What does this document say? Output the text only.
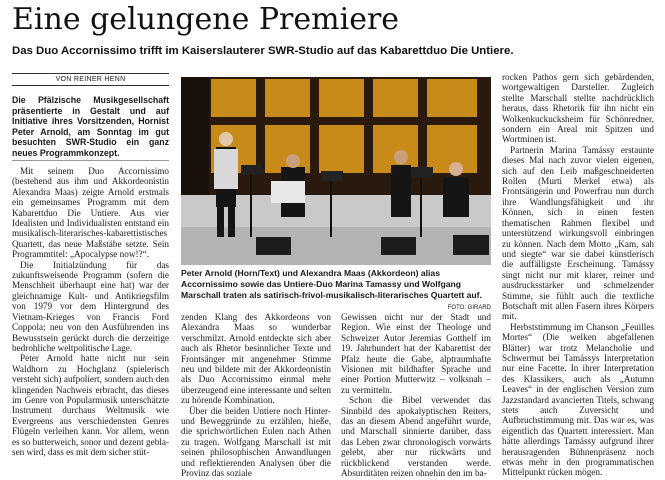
Eine gelungene Premiere
Das Duo Accornissimo trifft im Kaiserslauterer SWR-Studio auf das Kabarettduo Die Untiere.
VON REINER HENN
Die Pfälzische Musikgesellschaft präsentierte in Gestalt und auf Initiative ihres Vorsitzenden, Hornist Peter Arnold, am Sonntag im gut besuchten SWR-Studio ein ganz neues Programmkonzept.

Mit seinem Duo Accornissimo (bestehend aus ihm und Akkordeonistin Alexandra Maas) zeigte Arnold erstmals ein gemeinsames Programm mit dem Kabarettduo Die Untiere. Aus vier Idealisten und Individualisten entstand ein musikalisch-literarisches-kabarettistisches Quartett, das neue Maßstäbe setzte. Sein Programmtitel: „Apocalypse now!?“.

Die Initialzündung für das zukunftsweisende Programm (sofern die Menschheit überhaupt eine hat) war der gleichnamige Kult- und Antikriegsfilm von 1979 vor dem Hintergrund des Vietnam-Krieges von Francis Ford Coppola; neu von den Ausführenden ins Bewusstsein gerückt durch die derzeitige bedrohliche weltpolitische Lage.

Peter Arnold hatte nicht nur sein Waldhorn zu Hochglanz (spielerisch versteht sich) aufpoliert, sondern auch den klingenden Nachweis erbracht, das dieses im Genre von Popularmusik unterschätzte Instrument durchaus Weltmusik wie Evergreens aus verschiedensten Genres Flügeln verleihen kann. Vor allem, wenn es so butterweich, sonor und dezent geblasen wird, dass es mit dem sicher stüt-

Peter Arnold (Horn/Text) und Alexandra Maas (Akkordeon) alias Accornissimo sowie das Untiere-Duo Marina Tamassy und Wolfgang Marschall traten als satirisch-frivol-musikalisch-literarisches Quartett auf.
FOTO: GIRARD

zenden Klang des Akkordeons von Alexandra Maas so wunderbar verschmilzt. Arnold entdeckte sich aber auch als Rhetor besinnlicher Texte und Frontsänger mit angenehmer Stimme neu und bildete mit der Akkordeonistin als Duo Accornissimo einmal mehr überzeugend eine interessante und selten zu hörende Kombination.

Über die beiden Untiere noch Hinter- und Beweggründe zu erzählen, hieße, die sprichwörtlichen Eulen nach Athen zu tragen. Wolfgang Marschall ist mit seinen philosophischen Anwandlungen und reflektierenden Analysen über die Provinz das soziale

Gewissen nicht nur der Stadt und Region. Wie einst der Theologe und Schweizer Autor Jeremias Gotthelf im 19. Jahrhundert hat der Kabarettist der Pfalz heute die Gabe, alptraumhafte Visionen mit bildhafter Sprache und einer Portion Mutterwitz – volksnah – zu vermitteln.

Schon die Bibel verwendet das Sinnbild des apokalyptischen Reiters, das an diesem Abend angeführt wurde, und Marschall sinnierte darüber, dass das Leben zwar chronologisch vorwärts gelebt, aber nur rückwärts und rückblickend verstanden werde. Absurditäten reizen ohnehin den im ba-

rocken Pathos gern sich gebärdenden, wortgewaltigen Darsteller. Zugleich stellte Marschall stellte nachdrücklich heraus, dass Rhetorik für ihn nicht ein Wolkenkuckucksheim für Schönredner, sondern ein Areal mit Spitzen und Wortminen ist.

Partnerin Marina Tamássy erstaunte dieses Mal nach zuvor vielen eigenen, sich auf den Leib maßgeschneiderten Rollen (Murti Merkel etwa) als Frontsängerin und Powerfrau nun durch ihre Wandlungsfähigkeit und ihr Können, sich in einen festen thematischen Rahmen flexibel und unterstützend wirkungsvoll einbringen zu können. Nach dem Motto „Kam, sah und siegte“ war sie dabei künstlerisch die auffälligste Erscheinung. Tamássy singt nicht nur mit klarer, reiner und ausdrucksstarker und schmelzender Stimme, sie fühlt auch die textliche Botschaft mit allen Fasern ihres Körpers mit.

Herbststimmung im Chanson „Feuilles Mortes“ (Die welken abgefallenen Blätter) war trotz Melancholie und Schwermut bei Tamássys Interpretation nur eine Facette. In ihrer Interpretation des Klassikers, auch als „Autumn Leaves“ in der englischen Version zum Jazzstandard avancierten Titels, schwang stets auch Zuversicht und Aufbruchstimmung mit. Das war es, was eigentlich das Quartett interessiert. Man hätte allerdings Tamássy aufgrund ihrer herausragenden Bühnenpräsenz noch etwas mehr in den programmatischen Mittelpunkt rücken mögen.
